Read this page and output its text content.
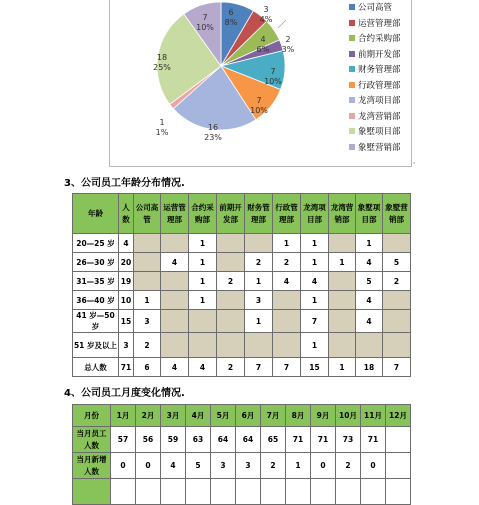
6
8%
3
4%
4
6%
2
3%
7
10%
7
10%
16
23%
1
1%
18
25%
7
10%
'
公司高管
运营管理部
合约采购部
前期开发部
财务管理部
行政管理部
龙湾项目部
龙湾营销部
象墅项目部
象墅营销部
3、公司员工年龄分布情况.
年龄	人数	公司高管	运营管理部	合约采购部	前期开发部	财务管理部	行政管理部	龙湾项目部	龙湾营销部	象墅项目部	象墅营销部
20—25 岁	4			1			1	1		1	
26—30 岁	20		4	1		2	2	1	1	4	5
31—35 岁	19			1	2	1	4	4		5	2
36—40 岁	10	1		1		3		1		4	
41 岁—50 岁	15	3				1		7		4	
51 岁及以上	3	2						1			
总人数	71	6	4	4	2	7	7	15	1	18	7
4、公司员工月度变化情况.
月份	1月	2月	3月	4月	5月	6月	7月	8月	9月	10月	11月	12月
当月员工人数	57	56	59	63	64	64	65	71	71	73	71	
当月新增人数	0	0	4	5	3	3	2	1	0	2	0	
